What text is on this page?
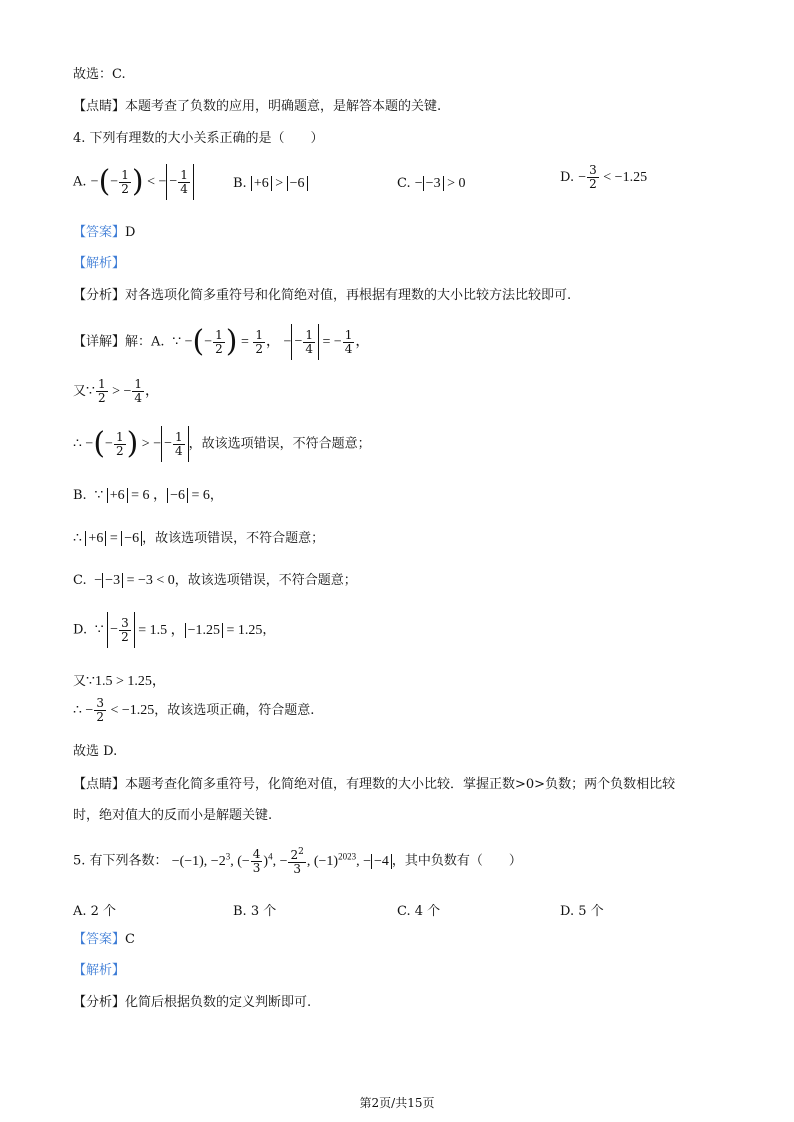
故选：C.
【点睛】本题考查了负数的应用，明确题意，是解答本题的关键.
4. 下列有理数的大小关系正确的是（　　）
A. −(− $\frac{1}{2}$ ) < − − $\frac{1}{4}$	B. +6 > −6	C. − −3 > 0	D. − $\frac{3}{2} < -1.25$
【答案】D
【解析】
【分析】对各选项化简多重符号和化简绝对值，再根据有理数的大小比较方法比较即可.
【详解】解：A.  ∵ −(− $\frac{1}{2}$ ) = $\frac{1}{2}$ ， − − $\frac{1}{4}$ = − $\frac{1}{4}$ ，
又∵ $\frac{1}{2}$ > − $\frac{1}{4}$ ，
∴ −(− $\frac{1}{2}$ ) > − − $\frac{1}{4}$ ，故该选项错误，不符合题意；
B.  ∵ +6 = 6 ， −6 = 6，
∴ +6 = −6 ，故该选项错误，不符合题意；
C.  − −3 = −3 < 0，故该选项错误，不符合题意；
D.  ∵ − $\frac{3}{2} = 1.5$ ， −1.25 = 1.25，
又∵1.5 > 1.25，
∴ − $\frac{3}{2} < -1.25$，故该选项正确，符合题意.
故选 D.
【点睛】本题考查化简多重符号，化简绝对值，有理数的大小比较．掌握正数>0>负数；两个负数相比较
时，绝对值大的反而小是解题关键.
5. 有下列各数： −(−1), $-2^3$, (− $\frac{4}{3} )^4$, − $\frac{2^2}{3}$ , $(-1)^{2023}$, − −4 ，其中负数有（　　）
A. 2 个	B. 3 个	C. 4 个	D. 5 个
【答案】C
【解析】
【分析】化简后根据负数的定义判断即可.
第2页/共15页
